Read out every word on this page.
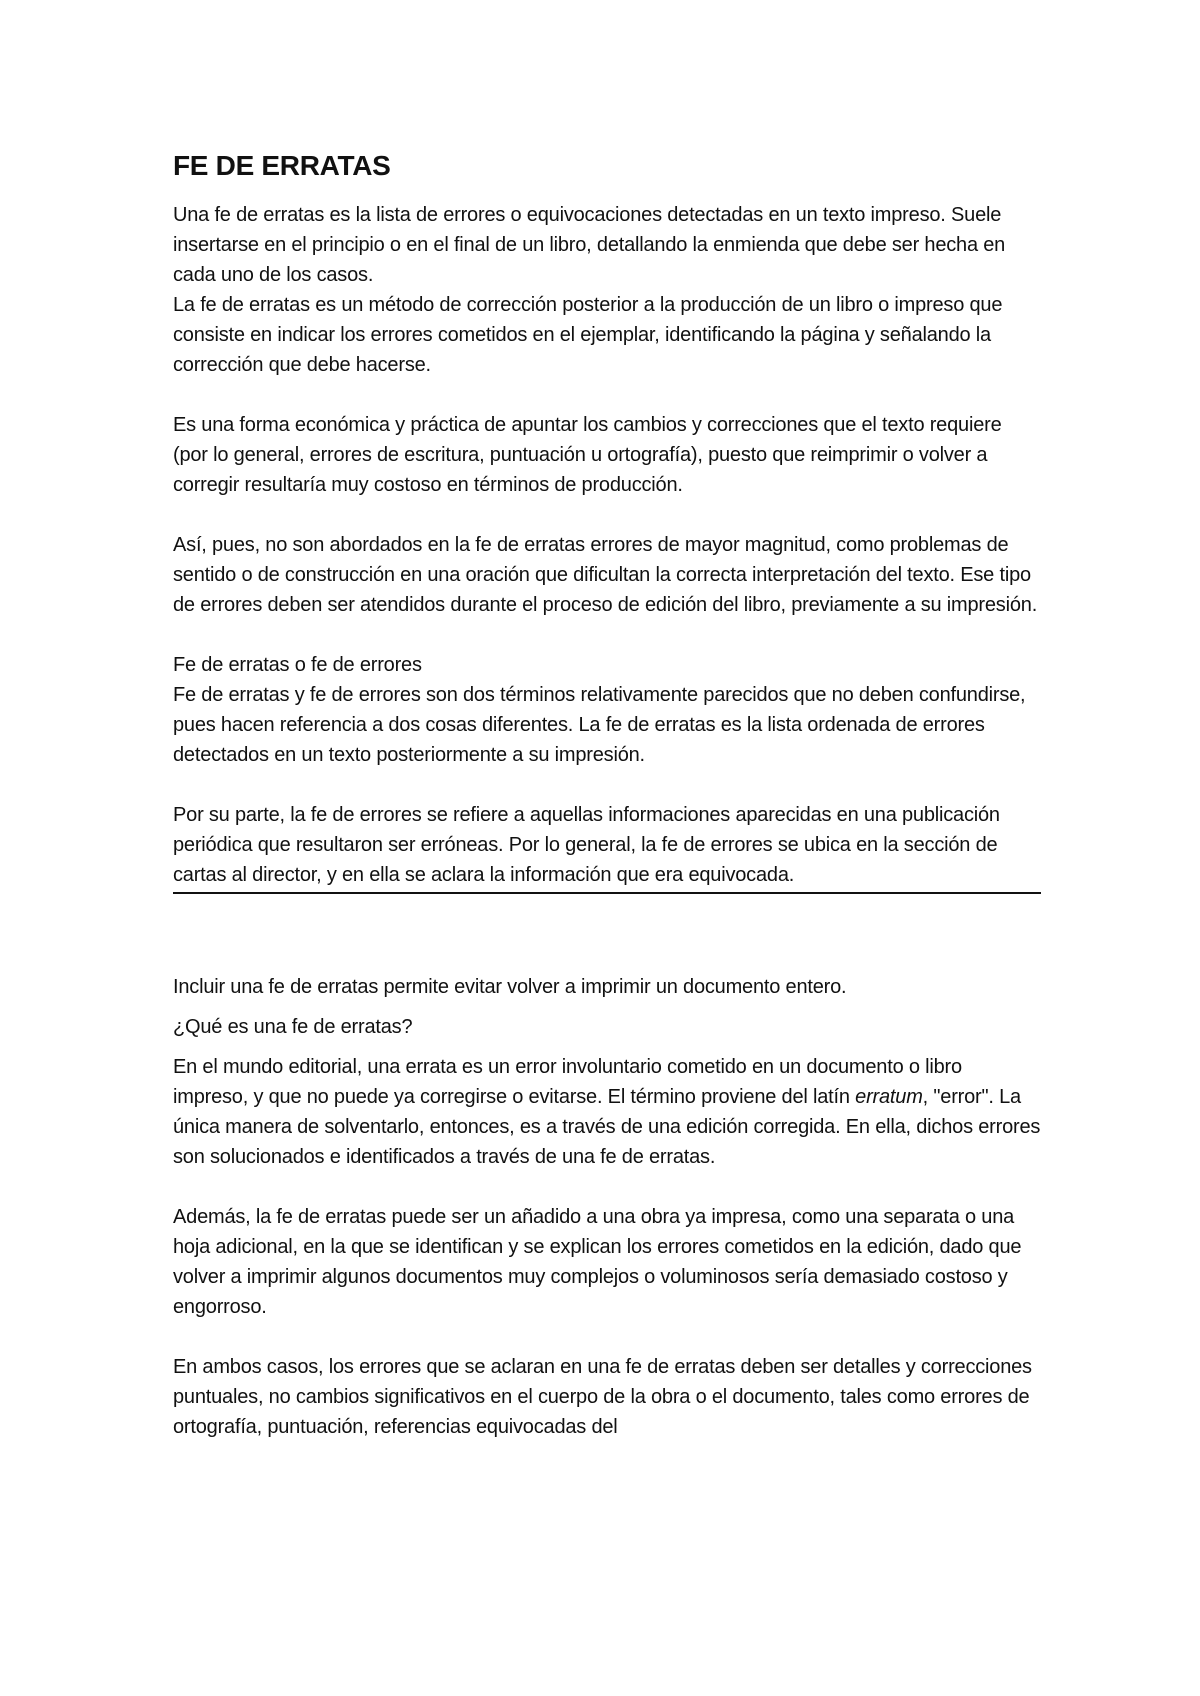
FE DE ERRATAS

Una fe de erratas es la lista de errores o equivocaciones detectadas en un texto impreso. Suele insertarse en el principio o en el final de un libro, detallando la enmienda que debe ser hecha en cada uno de los casos.

La fe de erratas es un método de corrección posterior a la producción de un libro o impreso que consiste en indicar los errores cometidos en el ejemplar, identificando la página y señalando la corrección que debe hacerse.

Es una forma económica y práctica de apuntar los cambios y correcciones que el texto requiere (por lo general, errores de escritura, puntuación u ortografía), puesto que reimprimir o volver a corregir resultaría muy costoso en términos de producción.

Así, pues, no son abordados en la fe de erratas errores de mayor magnitud, como problemas de sentido o de construcción en una oración que dificultan la correcta interpretación del texto. Ese tipo de errores deben ser atendidos durante el proceso de edición del libro, previamente a su impresión.

Fe de erratas o fe de errores

Fe de erratas y fe de errores son dos términos relativamente parecidos que no deben confundirse, pues hacen referencia a dos cosas diferentes. La fe de erratas es la lista ordenada de errores detectados en un texto posteriormente a su impresión.

Por su parte, la fe de errores se refiere a aquellas informaciones aparecidas en una publicación periódica que resultaron ser erróneas. Por lo general, la fe de errores se ubica en la sección de cartas al director, y en ella se aclara la información que era equivocada.

Incluir una fe de erratas permite evitar volver a imprimir un documento entero.

¿Qué es una fe de erratas?

En el mundo editorial, una errata es un error involuntario cometido en un documento o libro impreso, y que no puede ya corregirse o evitarse. El término proviene del latín erratum, "error". La única manera de solventarlo, entonces, es a través de una edición corregida. En ella, dichos errores son solucionados e identificados a través de una fe de erratas.

Además, la fe de erratas puede ser un añadido a una obra ya impresa, como una separata o una hoja adicional, en la que se identifican y se explican los errores cometidos en la edición, dado que volver a imprimir algunos documentos muy complejos o voluminosos sería demasiado costoso y engorroso.

En ambos casos, los errores que se aclaran en una fe de erratas deben ser detalles y correcciones puntuales, no cambios significativos en el cuerpo de la obra o el documento, tales como errores de ortografía, puntuación, referencias equivocadas del
